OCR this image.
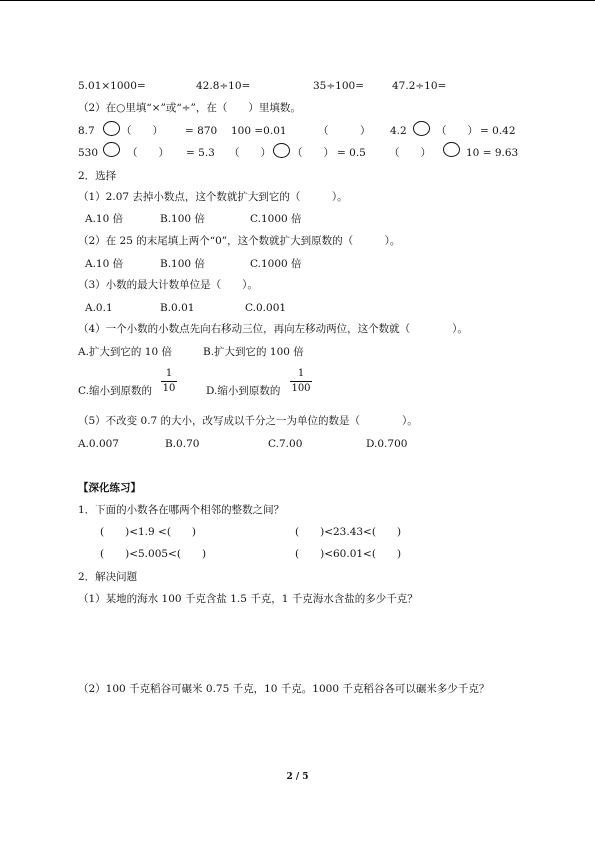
5.01×1000=	42.8÷10=	35÷100=	47.2÷10=
（2）在○里填“×”或“÷”，在（　　）里填数。
8.7	（　　） = 870 100 =0.01	（　　　） 4.2	（　　） = 0.42
530	（　　） = 5.3 （　　） （　　） = 0.5 （　　）	10 = 9.63
2．选择
（1）2.07 去掉小数点，这个数就扩大到它的（　　　）。
A.10 倍	B.100 倍	C.1000 倍
（2）在 25 的末尾填上两个“0”，这个数就扩大到原数的（　　　）。
A.10 倍	B.100 倍	C.1000 倍
（3）小数的最大计数单位是（　　）。
A.0.1	B.0.01	C.0.001
（4）一个小数的小数点先向右移动三位，再向左移动两位，这个数就（　　　　）。
A.扩大到它的 10 倍	B.扩大到它的 100 倍
C.缩小到原数的
1
10	D.缩小到原数的
1
100
（5）不改变 0.7 的大小，改写成以千分之一为单位的数是（　　　　）。
A.0.007	B.0.70	C.7.00	D.0.700
【深化练习】
1．下面的小数各在哪两个相邻的整数之间？
(　　)<1.9 <(　　)	(　　)<23.43<(　　)
(　　)<5.005<(　　)	(　　)<60.01<(　　)
2．解决问题
（1）某地的海水 100 千克含盐 1.5 千克，1 千克海水含盐的多少千克？
（2）100 千克稻谷可碾米 0.75 千克，10 千克。1000 千克稻谷各可以碾米多少千克？
2 / 5
